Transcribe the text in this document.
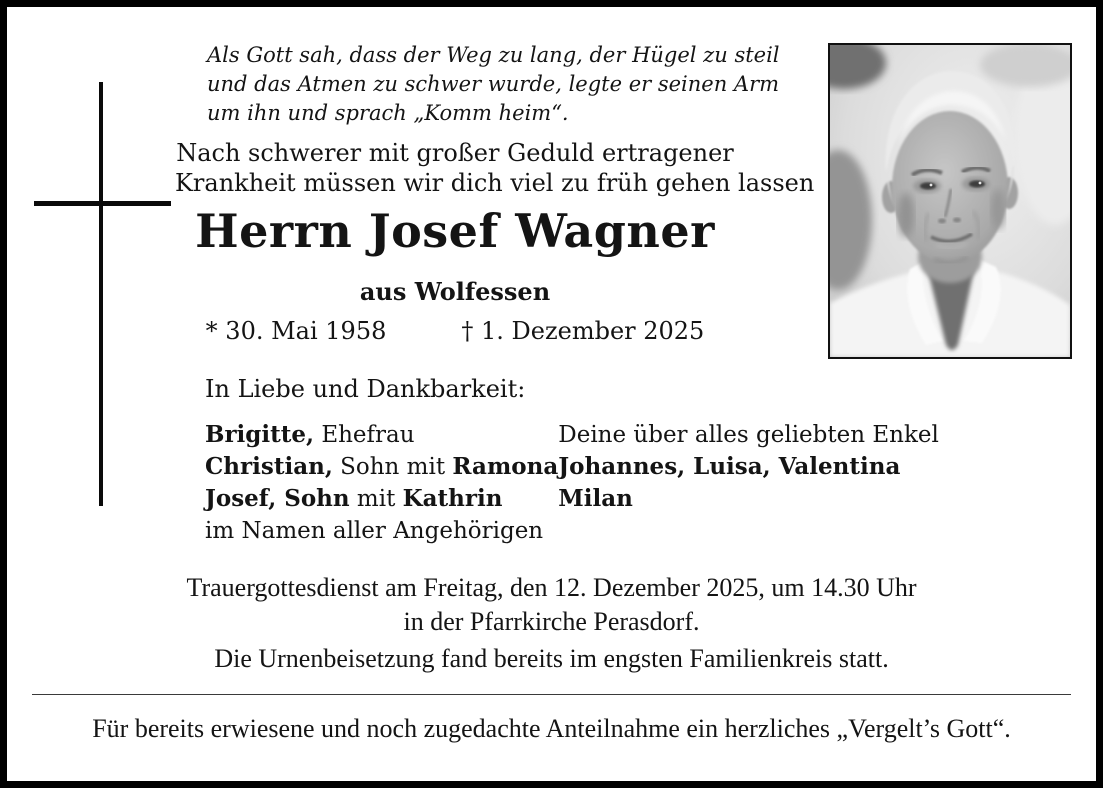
Als Gott sah, dass der Weg zu lang, der Hügel zu steil
und das Atmen zu schwer wurde, legte er seinen Arm
um ihn und sprach „Komm heim“.
Nach schwerer mit großer Geduld ertragener
Krankheit müssen wir dich viel zu früh gehen lassen
Herrn Josef Wagner
aus Wolfessen
* 30. Mai 1958	† 1. Dezember 2025
In Liebe und Dankbarkeit:
Brigitte, Ehefrau
Christian, Sohn mit Ramona
Josef, Sohn mit Kathrin
im Namen aller Angehörigen
Deine über alles geliebten Enkel
Johannes, Luisa, Valentina
Milan
Trauergottesdienst am Freitag, den 12. Dezember 2025, um 14.30 Uhr
in der Pfarrkirche Perasdorf.
Die Urnenbeisetzung fand bereits im engsten Familienkreis statt.
Für bereits erwiesene und noch zugedachte Anteilnahme ein herzliches „Vergelt’s Gott“.
